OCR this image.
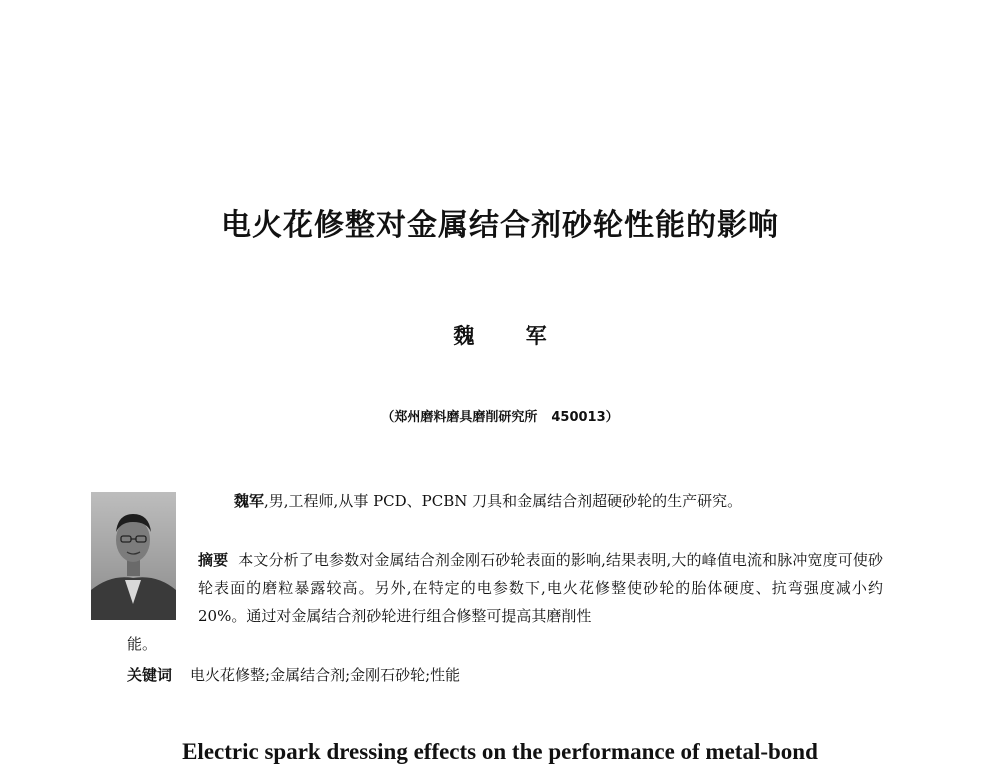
电火花修整对金属结合剂砂轮性能的影响
魏 军
（郑州磨料磨具磨削研究所 450013）
魏军,男,工程师,从事 PCD、PCBN 刀具和金属结合剂超硬砂轮的生产研究。
摘要 本文分析了电参数对金属结合剂金刚石砂轮表面的影响,结果表明,大的峰值电流和脉冲宽度可使砂轮表面的磨粒暴露较高。另外,在特定的电参数下,电火花修整使砂轮的胎体硬度、抗弯强度减小约 20%。通过对金属结合剂砂轮进行组合修整可提高其磨削性
能。
关键词 电火花修整;金属结合剂;金刚石砂轮;性能
Electric spark dressing effects on the performance of metal-bond
